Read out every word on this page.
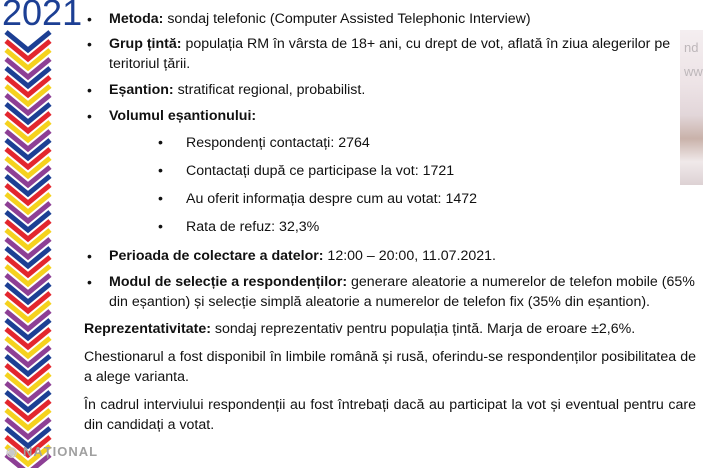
2021
nd
ww
• Metoda: sondaj telefonic (Computer Assisted Telephonic Interview)
• Grup țintă: populația RM în vârsta de 18+ ani, cu drept de vot, aflată în ziua alegerilor pe teritoriul țării.
• Eșantion: stratificat regional, probabilist.
• Volumul eșantionului:
• Respondenți contactați: 2764
• Contactați după ce participase la vot: 1721
• Au oferit informația despre cum au votat: 1472
• Rata de refuz: 32,3%
• Perioada de colectare a datelor: 12:00 – 20:00, 11.07.2021.
• Modul de selecție a respondenților: generare aleatorie a numerelor de telefon mobile (65% din eșantion) și selecție simplă aleatorie a numerelor de telefon fix (35% din eșantion).
Reprezentativitate: sondaj reprezentativ pentru populația țintă. Marja de eroare ±2,6%.
Chestionarul a fost disponibil în limbile română și rusă, oferindu-se respondenților posibilitatea de a alege varianta.
În cadrul interviului respondenții au fost întrebați dacă au participat la vot și eventual pentru care din candidați a votat.
◉ NAȚIONAL
